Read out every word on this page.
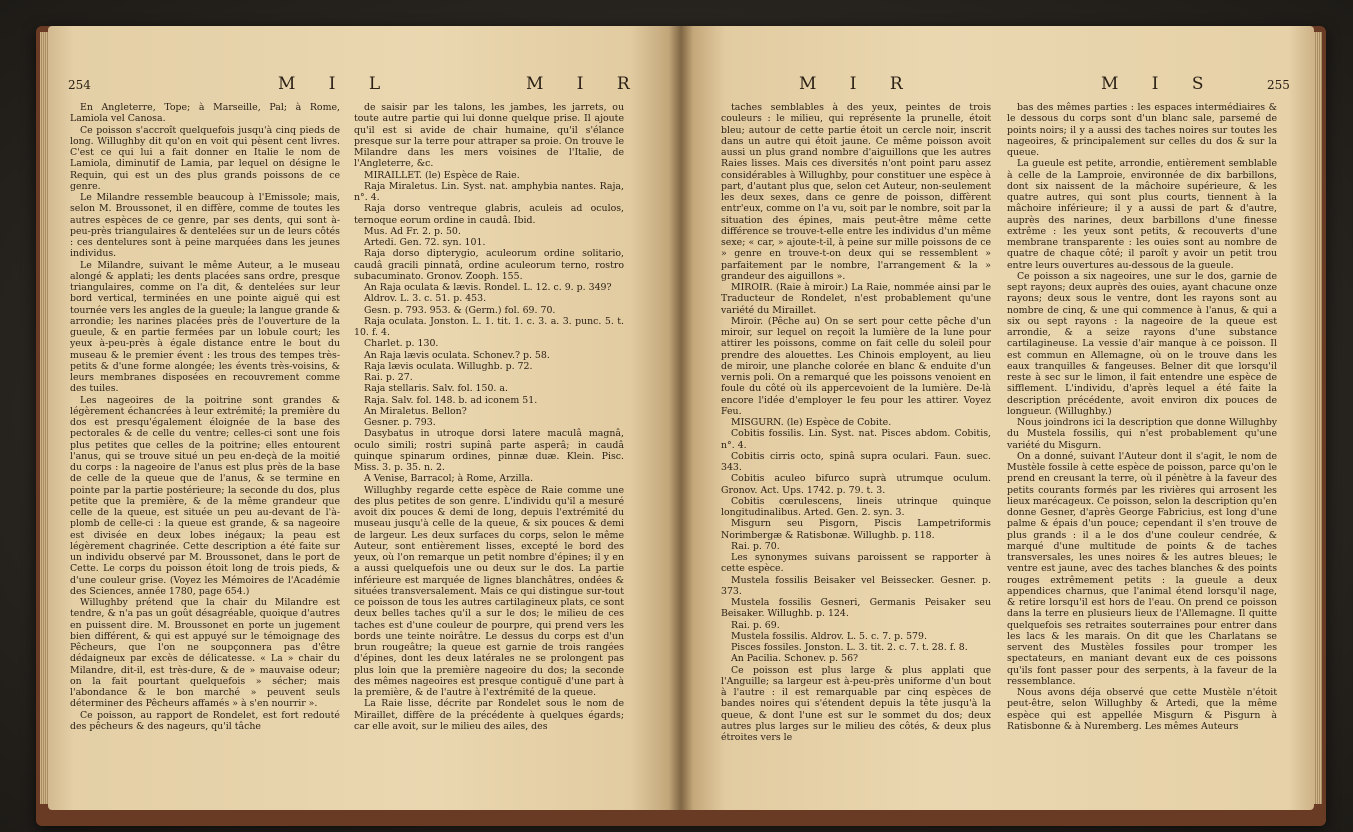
254	M I L	M I R

En Angleterre, Tope; à Marseille, Pal; à Rome, Lamiola vel Canosa.

Ce poisson s'accroît quelquefois jusqu'à cinq pieds de long. Willughby dit qu'on en voit qui pèsent cent livres. C'est ce qui lui a fait donner en Italie le nom de Lamiola, diminutif de Lamia, par lequel on désigne le Requin, qui est un des plus grands poissons de ce genre.

Le Milandre ressemble beaucoup à l'Emissole; mais, selon M. Broussonet, il en diffère, comme de toutes les autres espèces de ce genre, par ses dents, qui sont à-peu-près triangulaires & dentelées sur un de leurs côtés : ces dentelures sont à peine marquées dans les jeunes individus.

Le Milandre, suivant le même Auteur, a le museau alongé & applati; les dents placées sans ordre, presque triangulaires, comme on l'a dit, & dentelées sur leur bord vertical, terminées en une pointe aiguë qui est tournée vers les angles de la gueule; la langue grande & arrondie; les narines placées près de l'ouverture de la gueule, & en partie fermées par un lobule court; les yeux à-peu-près à égale distance entre le bout du museau & le premier évent : les trous des tempes très-petits & d'une forme alongée; les évents très-voisins, & leurs membranes disposées en recouvrement comme des tuiles.

Les nageoires de la poitrine sont grandes & légèrement échancrées à leur extrémité; la première du dos est presqu'également éloignée de la base des pectorales & de celle du ventre; celles-ci sont une fois plus petites que celles de la poitrine; elles entourent l'anus, qui se trouve situé un peu en-deçà de la moitié du corps : la nageoire de l'anus est plus près de la base de celle de la queue que de l'anus, & se termine en pointe par la partie postérieure; la seconde du dos, plus petite que la première, & de la même grandeur que celle de la queue, est située un peu au-devant de l'à-plomb de celle-ci : la queue est grande, & sa nageoire est divisée en deux lobes inégaux; la peau est légèrement chagrinée. Cette description a été faite sur un individu observé par M. Broussonet, dans le port de Cette. Le corps du poisson étoit long de trois pieds, & d'une couleur grise. (Voyez les Mémoires de l'Académie des Sciences, année 1780, page 654.)

Willughby prétend que la chair du Milandre est tendre, & n'a pas un goût désagréable, quoique d'autres en puissent dire. M. Broussonet en porte un jugement bien différent, & qui est appuyé sur le témoignage des Pêcheurs, que l'on ne soupçonnera pas d'être dédaigneux par excès de délicatesse. « La » chair du Milandre, dit-il, est très-dure, & de » mauvaise odeur; on la fait pourtant quelquefois » sécher; mais l'abondance & le bon marché » peuvent seuls déterminer des Pêcheurs affamés » à s'en nourrir ».

Ce poisson, au rapport de Rondelet, est fort redouté des pêcheurs & des nageurs, qu'il tâche

de saisir par les talons, les jambes, les jarrets, ou toute autre partie qui lui donne quelque prise. Il ajoute qu'il est si avide de chair humaine, qu'il s'élance presque sur la terre pour attraper sa proie. On trouve le Milandre dans les mers voisines de l'Italie, de l'Angleterre, &c.

MIRAILLET. (le) Espèce de Raie.

Raja Miraletus. Lin. Syst. nat. amphybia nantes. Raja, n°. 4.

Raja dorso ventreque glabris, aculeis ad oculos, ternoque eorum ordine in caudâ. Ibid.

Mus. Ad Fr. 2. p. 50.

Artedi. Gen. 72. syn. 101.

Raja dorso dipterygio, aculeorum ordine solitario, caudâ gracili pinnatâ, ordine aculeorum terno, rostro subacuminato. Gronov. Zooph. 155.

An Raja oculata & lævis. Rondel. L. 12. c. 9. p. 349?

Aldrov. L. 3. c. 51. p. 453.

Gesn. p. 793. 953. & (Germ.) fol. 69. 70.

Raja oculata. Jonston. L. 1. tit. 1. c. 3. a. 3. punc. 5. t. 10. f. 4.

Charlet. p. 130.

An Raja lævis oculata. Schonev.? p. 58.

Raja lævis oculata. Willughb. p. 72.

Rai. p. 27.

Raja stellaris. Salv. fol. 150. a.

Raja. Salv. fol. 148. b. ad iconem 51.

An Miraletus. Bellon?

Gesner. p. 793.

Dasybatus in utroque dorsi latere maculâ magnâ, oculo simili; rostri supinâ parte asperâ; in caudâ quinque spinarum ordines, pinnæ duæ. Klein. Pisc. Miss. 3. p. 35. n. 2.

A Venise, Barracol; à Rome, Arzilla.

Willughby regarde cette espèce de Raie comme une des plus petites de son genre. L'individu qu'il a mesuré avoit dix pouces & demi de long, depuis l'extrémité du museau jusqu'à celle de la queue, & six pouces & demi de largeur. Les deux surfaces du corps, selon le même Auteur, sont entièrement lisses, excepté le bord des yeux, où l'on remarque un petit nombre d'épines; il y en a aussi quelquefois une ou deux sur le dos. La partie inférieure est marquée de lignes blanchâtres, ondées & situées transversalement. Mais ce qui distingue sur-tout ce poisson de tous les autres cartilagineux plats, ce sont deux belles taches qu'il a sur le dos; le milieu de ces taches est d'une couleur de pourpre, qui prend vers les bords une teinte noirâtre. Le dessus du corps est d'un brun rougeâtre; la queue est garnie de trois rangées d'épines, dont les deux latérales ne se prolongent pas plus loin que la première nageoire du dos; la seconde des mêmes nageoires est presque contiguë d'une part à la première, & de l'autre à l'extrémité de la queue.

La Raie lisse, décrite par Rondelet sous le nom de Miraillet, diffère de la précédente à quelques égards; car elle avoit, sur le milieu des ailes, des

M I R	M I S	255

taches semblables à des yeux, peintes de trois couleurs : le milieu, qui représente la prunelle, étoit bleu; autour de cette partie étoit un cercle noir, inscrit dans un autre qui étoit jaune. Ce même poisson avoit aussi un plus grand nombre d'aiguillons que les autres Raies lisses. Mais ces diversités n'ont point paru assez considérables à Willughby, pour constituer une espèce à part, d'autant plus que, selon cet Auteur, non-seulement les deux sexes, dans ce genre de poisson, diffèrent entr'eux, comme on l'a vu, soit par le nombre, soit par la situation des épines, mais peut-être même cette différence se trouve-t-elle entre les individus d'un même sexe; « car, » ajoute-t-il, à peine sur mille poissons de ce » genre en trouve-t-on deux qui se ressemblent » parfaitement par le nombre, l'arrangement & la » grandeur des aiguillons ».

MIROIR. (Raie à miroir.) La Raie, nommée ainsi par le Traducteur de Rondelet, n'est probablement qu'une variété du Miraillet.

Miroir. (Pêche au) On se sert pour cette pêche d'un miroir, sur lequel on reçoit la lumière de la lune pour attirer les poissons, comme on fait celle du soleil pour prendre des alouettes. Les Chinois employent, au lieu de miroir, une planche colorée en blanc & enduite d'un vernis poli. On a remarqué que les poissons venoient en foule du côté où ils appercevoient de la lumière. De-là encore l'idée d'employer le feu pour les attirer. Voyez Feu.

MISGURN. (le) Espèce de Cobite.

Cobitis fossilis. Lin. Syst. nat. Pisces abdom. Cobitis, n°. 4.

Cobitis cirris octo, spinâ supra oculari. Faun. suec. 343.

Cobitis aculeo bifurco suprà utrumque oculum. Gronov. Act. Ups. 1742. p. 79. t. 3.

Cobitis cœrulescens, lineis utrinque quinque longitudinalibus. Arted. Gen. 2. syn. 3.

Misgurn seu Pisgorn, Piscis Lampetriformis Norimbergæ & Ratisbonæ. Willughb. p. 118.

Rai. p. 70.

Les synonymes suivans paroissent se rapporter à cette espèce.

Mustela fossilis Beisaker vel Beissecker. Gesner. p. 373.

Mustela fossilis Gesneri, Germanis Peisaker seu Beisaker. Willughb. p. 124.

Rai. p. 69.

Mustela fossilis. Aldrov. L. 5. c. 7. p. 579.

Pisces fossiles. Jonston. L. 3. tit. 2. c. 7. t. 28. f. 8.

An Pacilia. Schonev. p. 56?

Ce poisson est plus large & plus applati que l'Anguille; sa largeur est à-peu-près uniforme d'un bout à l'autre : il est remarquable par cinq espèces de bandes noires qui s'étendent depuis la tête jusqu'à la queue, & dont l'une est sur le sommet du dos; deux autres plus larges sur le milieu des côtés, & deux plus étroites vers le

bas des mêmes parties : les espaces intermédiaires & le dessous du corps sont d'un blanc sale, parsemé de points noirs; il y a aussi des taches noires sur toutes les nageoires, & principalement sur celles du dos & sur la queue.

La gueule est petite, arrondie, entièrement semblable à celle de la Lamproie, environnée de dix barbillons, dont six naissent de la mâchoire supérieure, & les quatre autres, qui sont plus courts, tiennent à la mâchoire inférieure; il y a aussi de part & d'autre, auprès des narines, deux barbillons d'une finesse extrême : les yeux sont petits, & recouverts d'une membrane transparente : les ouies sont au nombre de quatre de chaque côté; il paroît y avoir un petit trou entre leurs ouvertures au-dessous de la gueule.

Ce poisson a six nageoires, une sur le dos, garnie de sept rayons; deux auprès des ouies, ayant chacune onze rayons; deux sous le ventre, dont les rayons sont au nombre de cinq, & une qui commence à l'anus, & qui a six ou sept rayons : la nageoire de la queue est arrondie, & a seize rayons d'une substance cartilagineuse. La vessie d'air manque à ce poisson. Il est commun en Allemagne, où on le trouve dans les eaux tranquilles & fangeuses. Belner dit que lorsqu'il reste à sec sur le limon, il fait entendre une espèce de sifflement. L'individu, d'après lequel a été faite la description précédente, avoit environ dix pouces de longueur. (Willughby.)

Nous joindrons ici la description que donne Willughby du Mustela fossilis, qui n'est probablement qu'une variété du Misgurn.

On a donné, suivant l'Auteur dont il s'agit, le nom de Mustèle fossile à cette espèce de poisson, parce qu'on le prend en creusant la terre, où il pénètre à la faveur des petits courants formés par les rivières qui arrosent les lieux marécageux. Ce poisson, selon la description qu'en donne Gesner, d'après George Fabricius, est long d'une palme & épais d'un pouce; cependant il s'en trouve de plus grands : il a le dos d'une couleur cendrée, & marqué d'une multitude de points & de taches transversales, les unes noires & les autres bleues; le ventre est jaune, avec des taches blanches & des points rouges extrêmement petits : la gueule a deux appendices charnus, que l'animal étend lorsqu'il nage, & retire lorsqu'il est hors de l'eau. On prend ce poisson dans la terre en plusieurs lieux de l'Allemagne. Il quitte quelquefois ses retraites souterraines pour entrer dans les lacs & les marais. On dit que les Charlatans se servent des Mustèles fossiles pour tromper les spectateurs, en maniant devant eux de ces poissons qu'ils font passer pour des serpents, à la faveur de la ressemblance.

Nous avons déja observé que cette Mustèle n'étoit peut-être, selon Willughby & Artedi, que la même espèce qui est appellée Misgurn & Pisgurn à Ratisbonne & à Nuremberg. Les mêmes Auteurs
